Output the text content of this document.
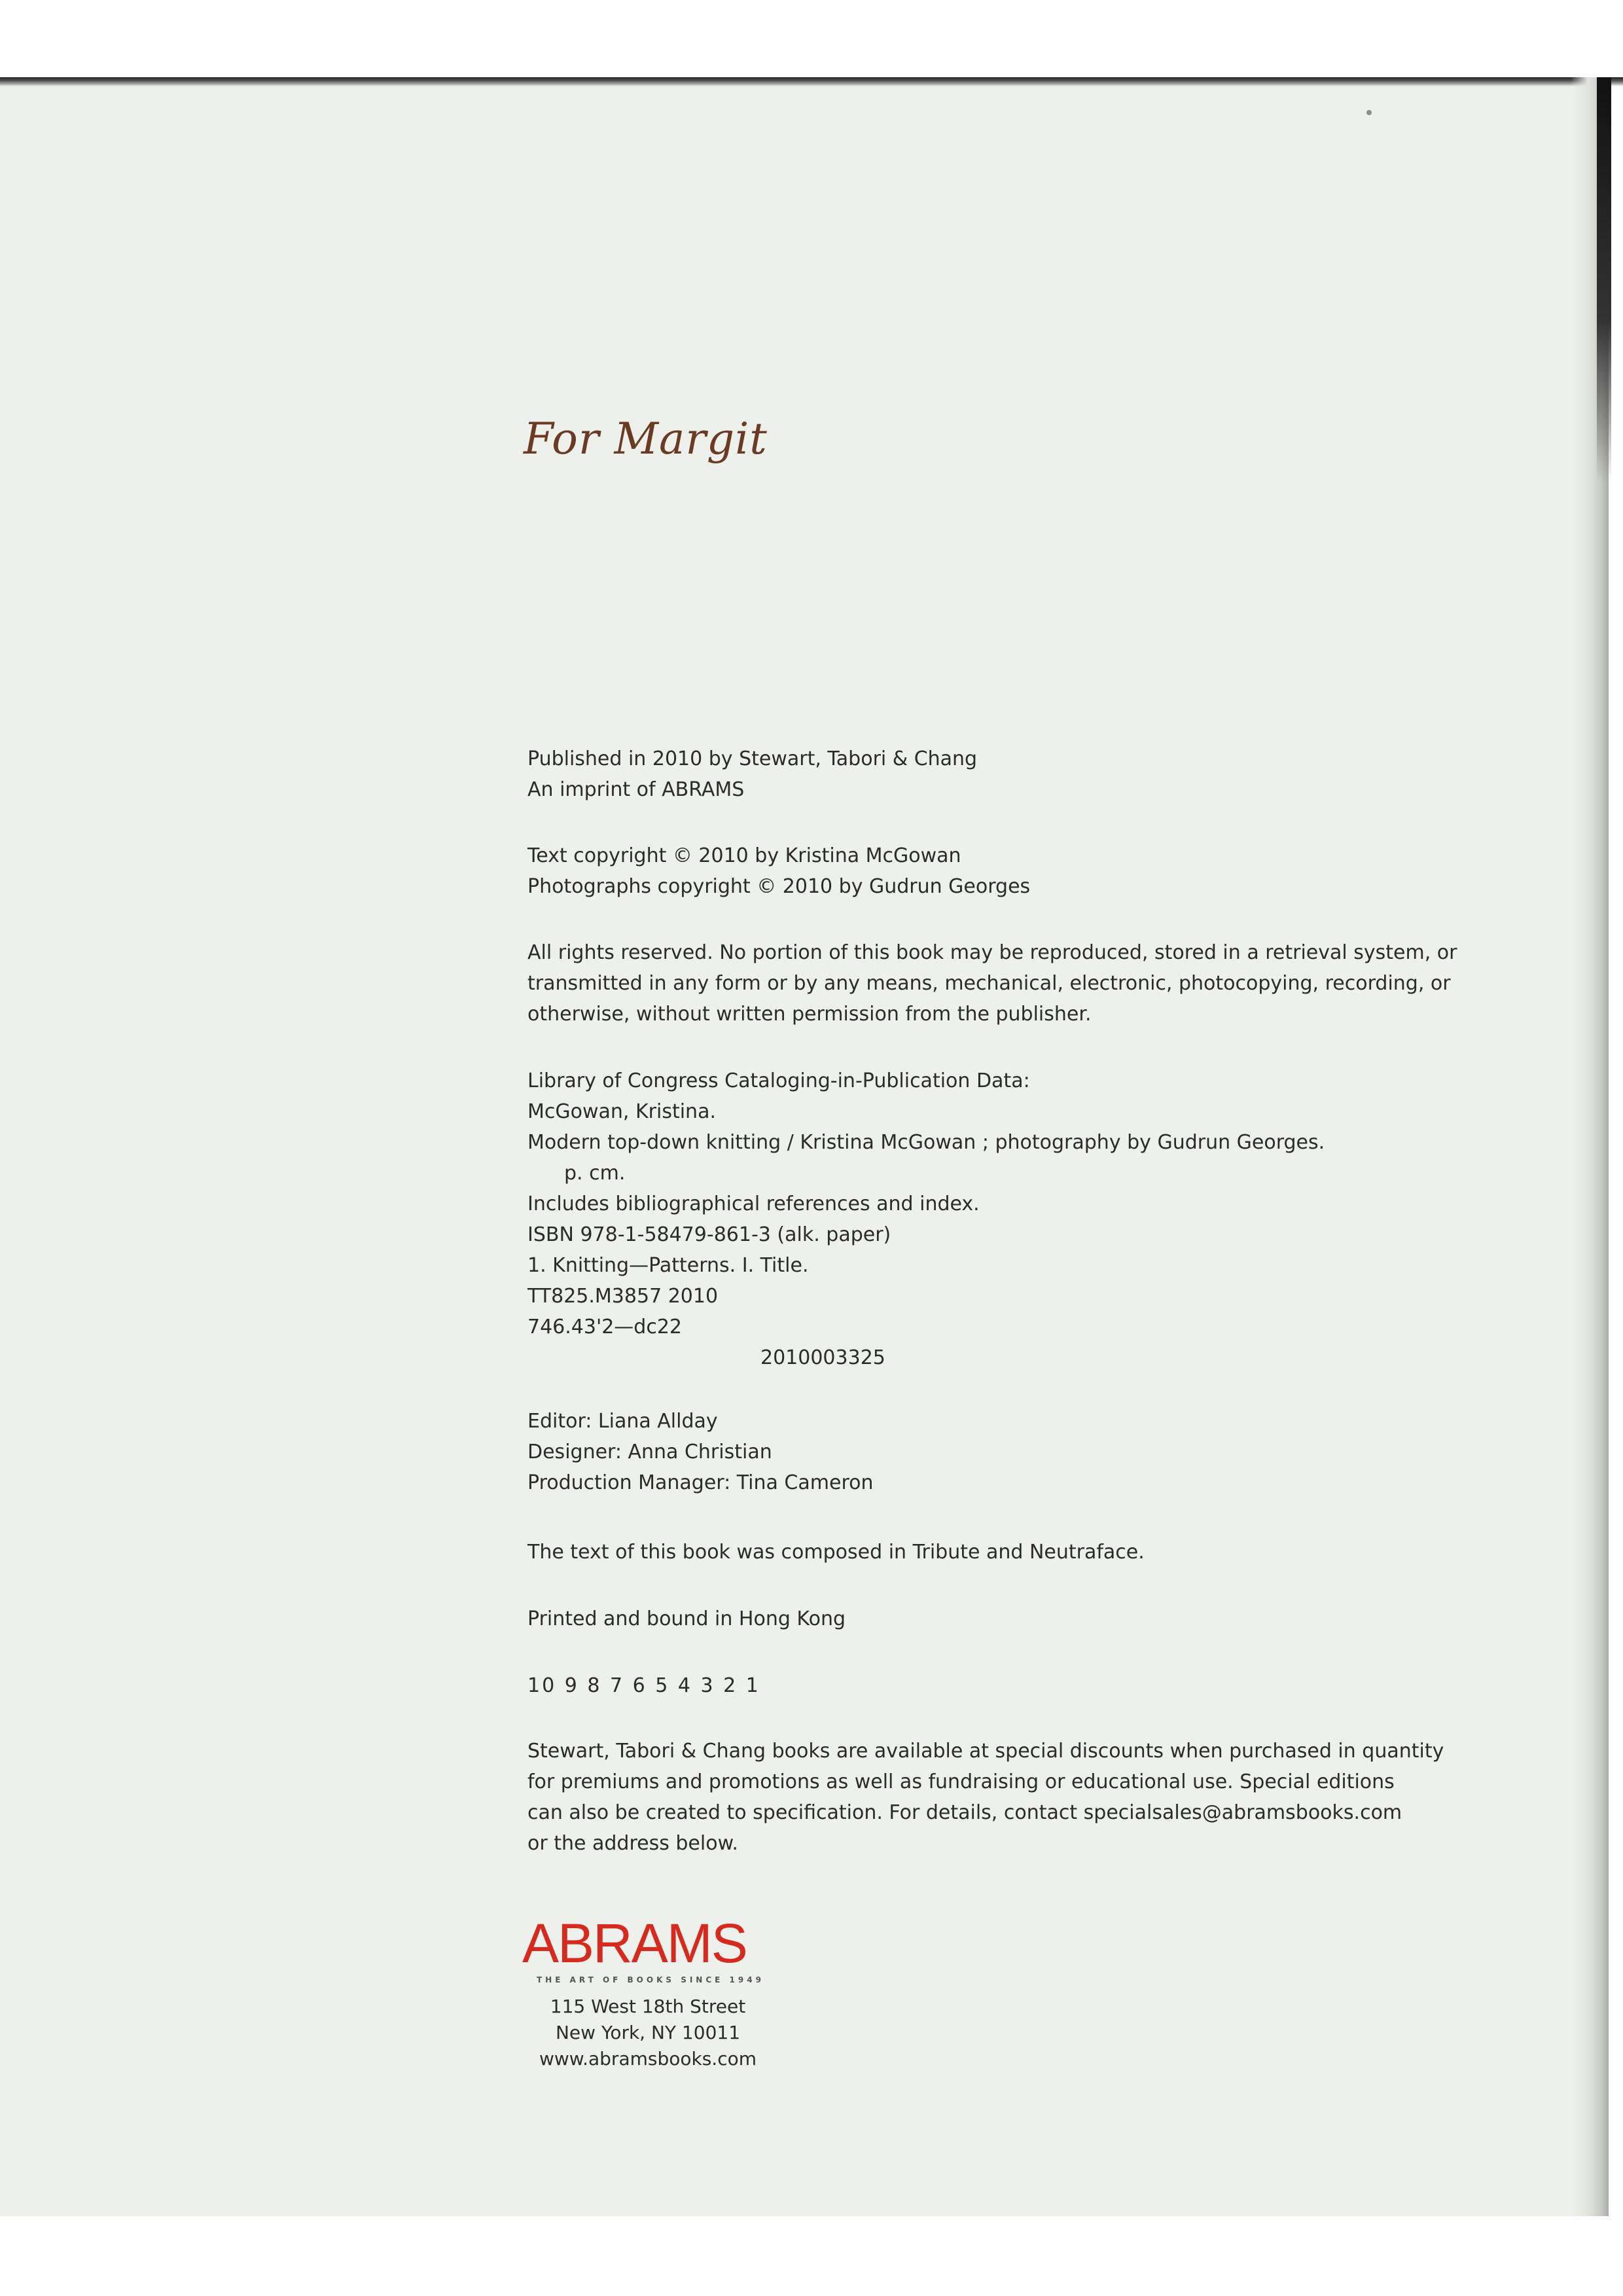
For Margit
Published in 2010 by Stewart, Tabori & Chang
An imprint of ABRAMS
Text copyright © 2010 by Kristina McGowan
Photographs copyright © 2010 by Gudrun Georges
All rights reserved. No portion of this book may be reproduced, stored in a retrieval system, or
transmitted in any form or by any means, mechanical, electronic, photocopying, recording, or
otherwise, without written permission from the publisher.
Library of Congress Cataloging-in-Publication Data:
McGowan, Kristina.
Modern top-down knitting / Kristina McGowan ; photography by Gudrun Georges.
p. cm.
Includes bibliographical references and index.
ISBN 978-1-58479-861-3 (alk. paper)
1. Knitting—Patterns. I. Title.
TT825.M3857 2010
746.43'2—dc22
2010003325
Editor: Liana Allday
Designer: Anna Christian
Production Manager: Tina Cameron
The text of this book was composed in Tribute and Neutraface.
Printed and bound in Hong Kong
10 9 8 7 6 5 4 3 2 1
Stewart, Tabori & Chang books are available at special discounts when purchased in quantity
for premiums and promotions as well as fundraising or educational use. Special editions
can also be created to specification. For details, contact specialsales@abramsbooks.com
or the address below.
ABRAMS
THE ART OF BOOKS SINCE 1949
115 West 18th Street
New York, NY 10011
www.abramsbooks.com
